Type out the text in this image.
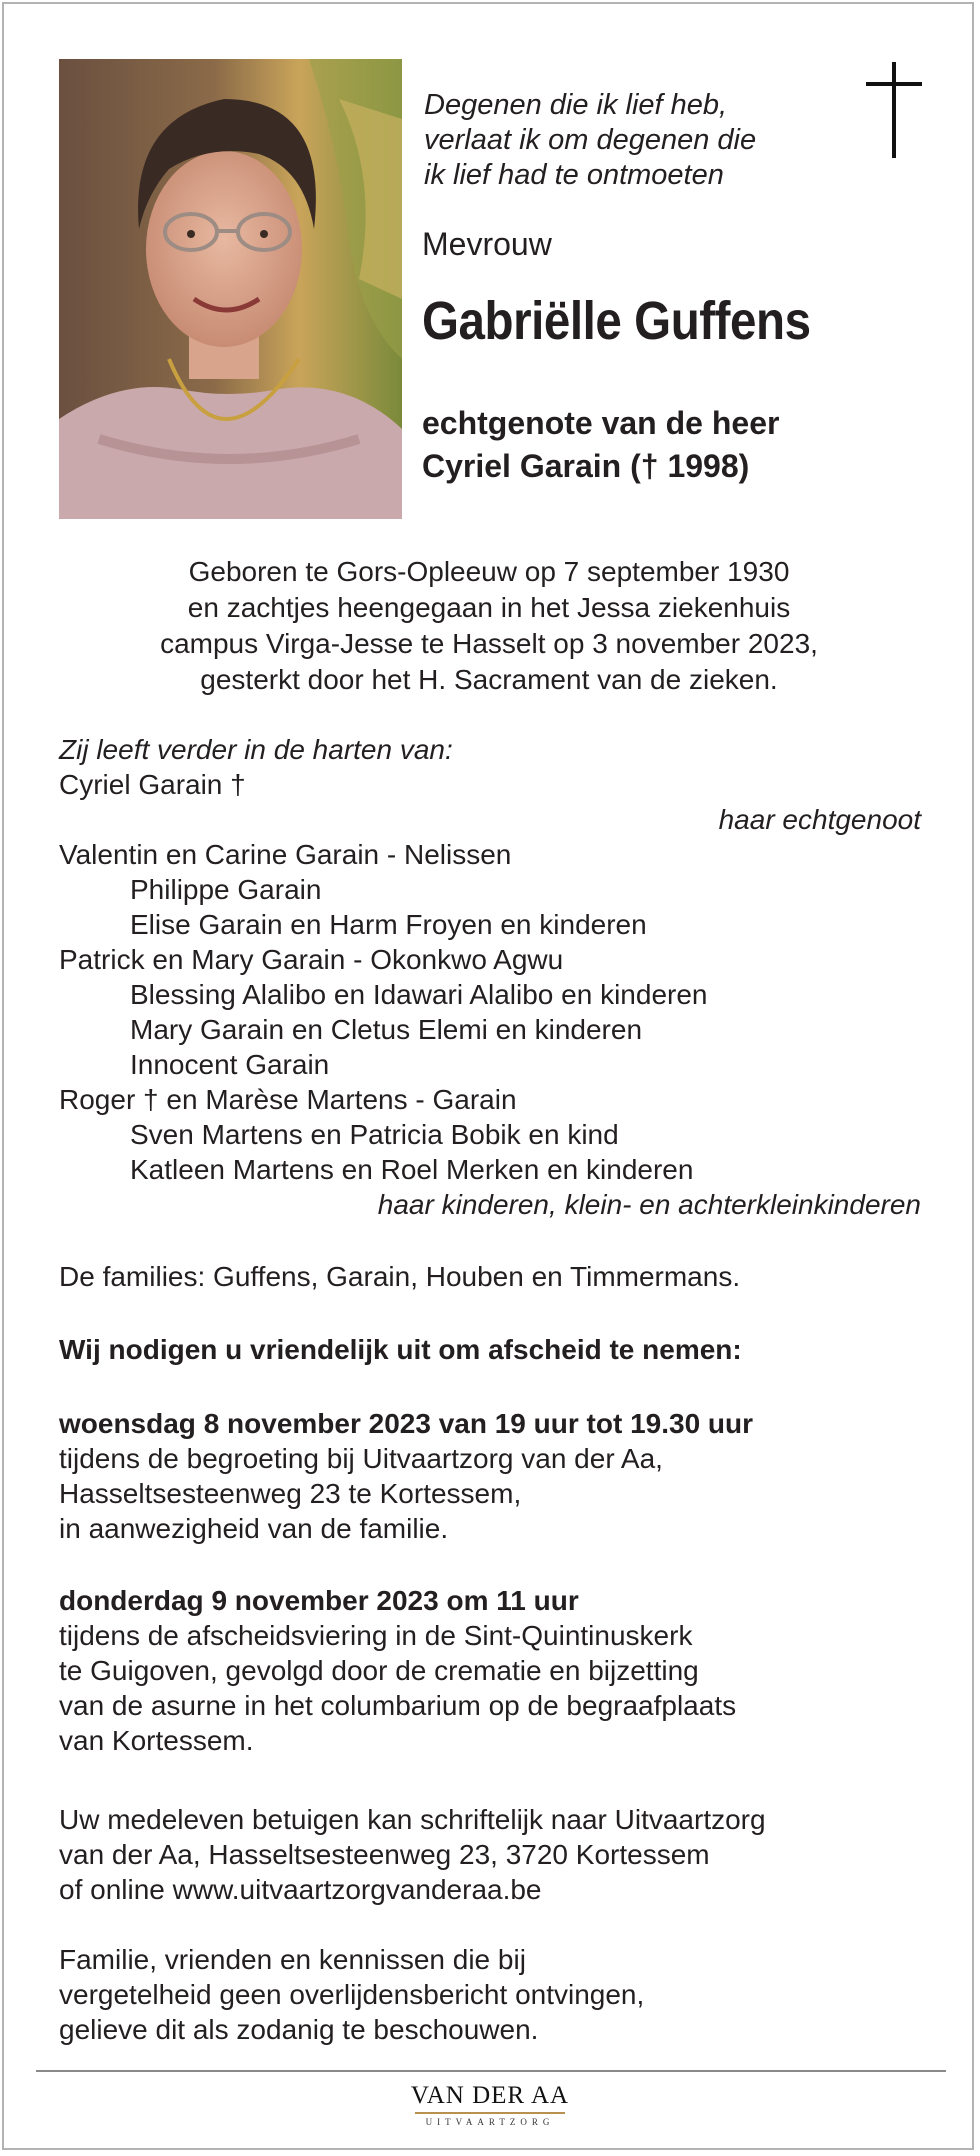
Degenen die ik lief heb,
verlaat ik om degenen die
ik lief had te ontmoeten
Mevrouw
Gabriëlle Guffens
echtgenote van de heer
Cyriel Garain († 1998)
Geboren te Gors-Opleeuw op 7 september 1930
en zachtjes heengegaan in het Jessa ziekenhuis
campus Virga-Jesse te Hasselt op 3 november 2023,
gesterkt door het H. Sacrament van de zieken.
Zij leeft verder in de harten van:
Cyriel Garain †
haar echtgenoot
Valentin en Carine Garain - Nelissen
Philippe Garain
Elise Garain en Harm Froyen en kinderen
Patrick en Mary Garain - Okonkwo Agwu
Blessing Alalibo en Idawari Alalibo en kinderen
Mary Garain en Cletus Elemi en kinderen
Innocent Garain
Roger † en Marèse Martens - Garain
Sven Martens en Patricia Bobik en kind
Katleen Martens en Roel Merken en kinderen
haar kinderen, klein- en achterkleinkinderen
De families: Guffens, Garain, Houben en Timmermans.
Wij nodigen u vriendelijk uit om afscheid te nemen:
woensdag 8 november 2023 van 19 uur tot 19.30 uur
tijdens de begroeting bij Uitvaartzorg van der Aa,
Hasseltsesteenweg 23 te Kortessem,
in aanwezigheid van de familie.
donderdag 9 november 2023 om 11 uur
tijdens de afscheidsviering in de Sint-Quintinuskerk
te Guigoven, gevolgd door de crematie en bijzetting
van de asurne in het columbarium op de begraafplaats
van Kortessem.
Uw medeleven betuigen kan schriftelijk naar Uitvaartzorg
van der Aa, Hasseltsesteenweg 23, 3720 Kortessem
of online www.uitvaartzorgvanderaa.be
Familie, vrienden en kennissen die bij
vergetelheid geen overlijdensbericht ontvingen,
gelieve dit als zodanig te beschouwen.
VAN DER AA
UITVAARTZORG
